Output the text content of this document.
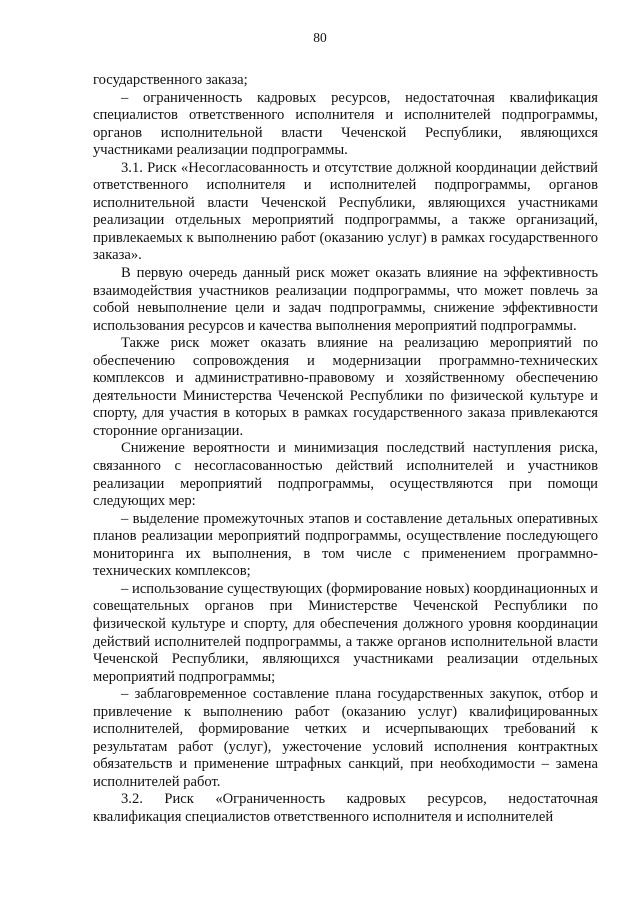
80

государственного заказа;

– ограниченность кадровых ресурсов, недостаточная квалификация специалистов ответственного исполнителя и исполнителей подпрограммы, органов исполнительной власти Чеченской Республики, являющихся участниками реализации подпрограммы.

3.1. Риск «Несогласованность и отсутствие должной координации действий ответственного исполнителя и исполнителей подпрограммы, органов исполнительной власти Чеченской Республики, являющихся участниками реализации отдельных мероприятий подпрограммы, а также организаций, привлекаемых к выполнению работ (оказанию услуг) в рамках государственного заказа».

В первую очередь данный риск может оказать влияние на эффективность взаимодействия участников реализации подпрограммы, что может повлечь за собой невыполнение цели и задач подпрограммы, снижение эффективности использования ресурсов и качества выполнения мероприятий подпрограммы.

Также риск может оказать влияние на реализацию мероприятий по обеспечению сопровождения и модернизации программно-технических комплексов и административно-правовому и хозяйственному обеспечению деятельности Министерства Чеченской Республики по физической культуре и спорту, для участия в которых в рамках государственного заказа привлекаются сторонние организации.

Снижение вероятности и минимизация последствий наступления риска, связанного с несогласованностью действий исполнителей и участников реализации мероприятий подпрограммы, осуществляются при помощи следующих мер:

– выделение промежуточных этапов и составление детальных оперативных планов реализации мероприятий подпрограммы, осуществление последующего мониторинга их выполнения, в том числе с применением программно-технических комплексов;

– использование существующих (формирование новых) координационных и совещательных органов при Министерстве Чеченской Республики по физической культуре и спорту, для обеспечения должного уровня координации действий исполнителей подпрограммы, а также органов исполнительной власти Чеченской Республики, являющихся участниками реализации отдельных мероприятий подпрограммы;

– заблаговременное составление плана государственных закупок, отбор и привлечение к выполнению работ (оказанию услуг) квалифицированных исполнителей, формирование четких и исчерпывающих требований к результатам работ (услуг), ужесточение условий исполнения контрактных обязательств и применение штрафных санкций, при необходимости – замена исполнителей работ.

3.2. Риск «Ограниченность кадровых ресурсов, недостаточная квалификация специалистов ответственного исполнителя и исполнителей
